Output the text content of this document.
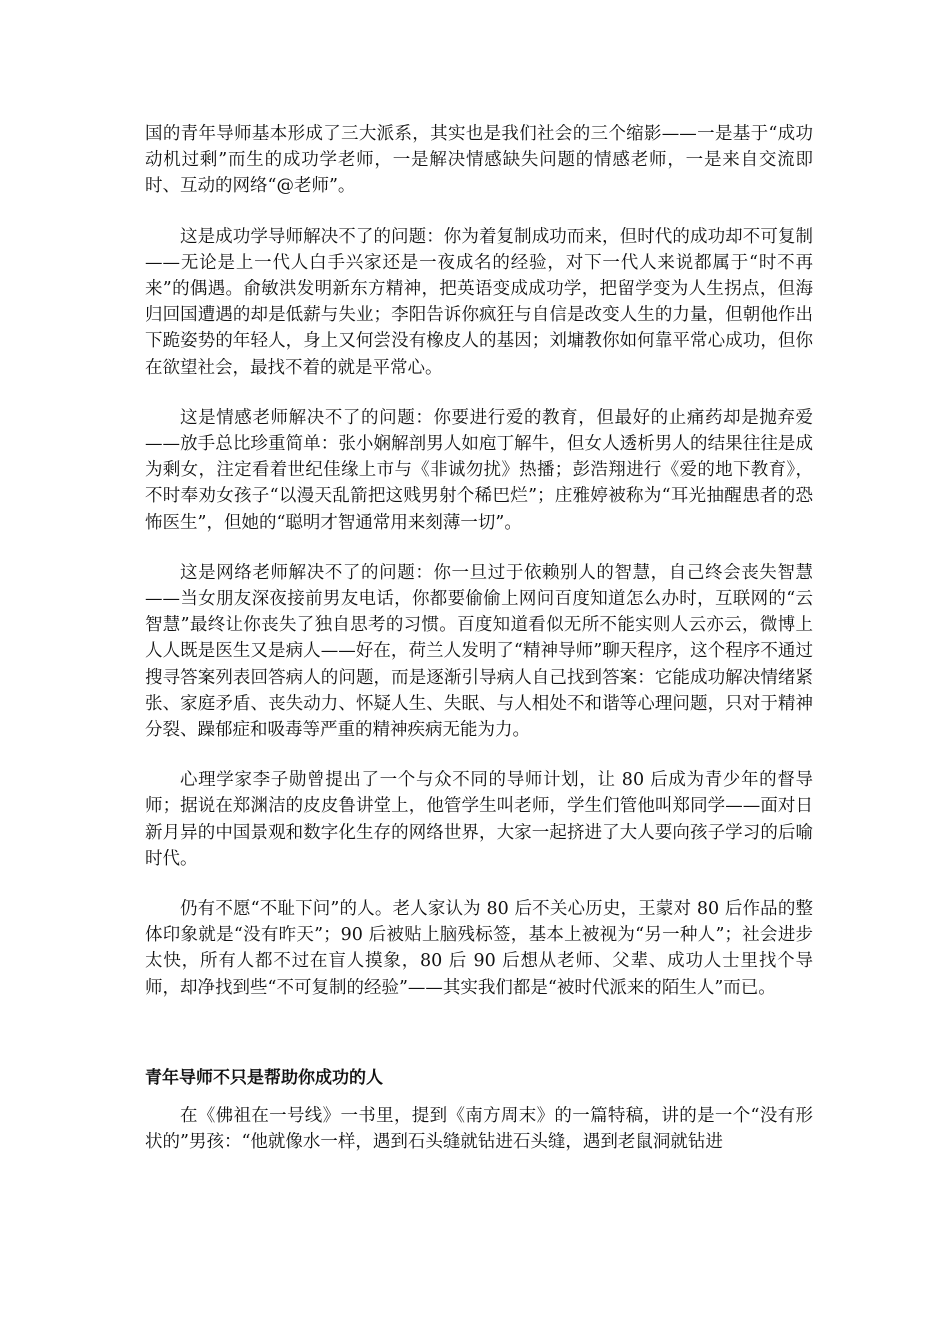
国的青年导师基本形成了三大派系，其实也是我们社会的三个缩影——一是基于“成功动机过剩”而生的成功学老师，一是解决情感缺失问题的情感老师，一是来自交流即时、互动的网络“@老师”。

这是成功学导师解决不了的问题：你为着复制成功而来，但时代的成功却不可复制——无论是上一代人白手兴家还是一夜成名的经验，对下一代人来说都属于“时不再来”的偶遇。俞敏洪发明新东方精神，把英语变成成功学，把留学变为人生拐点，但海归回国遭遇的却是低薪与失业；李阳告诉你疯狂与自信是改变人生的力量，但朝他作出下跪姿势的年轻人，身上又何尝没有橡皮人的基因；刘墉教你如何靠平常心成功，但你在欲望社会，最找不着的就是平常心。

这是情感老师解决不了的问题：你要进行爱的教育，但最好的止痛药却是抛弃爱——放手总比珍重简单：张小娴解剖男人如庖丁解牛，但女人透析男人的结果往往是成为剩女，注定看着世纪佳缘上市与《非诚勿扰》热播；彭浩翔进行《爱的地下教育》，不时奉劝女孩子“以漫天乱箭把这贱男射个稀巴烂”；庄雅婷被称为“耳光抽醒患者的恐怖医生”，但她的“聪明才智通常用来刻薄一切”。

这是网络老师解决不了的问题：你一旦过于依赖别人的智慧，自己终会丧失智慧——当女朋友深夜接前男友电话，你都要偷偷上网问百度知道怎么办时，互联网的“云智慧”最终让你丧失了独自思考的习惯。百度知道看似无所不能实则人云亦云，微博上人人既是医生又是病人——好在，荷兰人发明了“精神导师”聊天程序，这个程序不通过搜寻答案列表回答病人的问题，而是逐渐引导病人自己找到答案：它能成功解决情绪紧张、家庭矛盾、丧失动力、怀疑人生、失眠、与人相处不和谐等心理问题，只对于精神分裂、躁郁症和吸毒等严重的精神疾病无能为力。

心理学家李子勋曾提出了一个与众不同的导师计划，让 80 后成为青少年的督导师；据说在郑渊洁的皮皮鲁讲堂上，他管学生叫老师，学生们管他叫郑同学——面对日新月异的中国景观和数字化生存的网络世界，大家一起挤进了大人要向孩子学习的后喻时代。

仍有不愿“不耻下问”的人。老人家认为 80 后不关心历史，王蒙对 80 后作品的整体印象就是“没有昨天”；90 后被贴上脑残标签，基本上被视为“另一种人”；社会进步太快，所有人都不过在盲人摸象，80 后 90 后想从老师、父辈、成功人士里找个导师，却净找到些“不可复制的经验”——其实我们都是“被时代派来的陌生人”而已。

青年导师不只是帮助你成功的人

在《佛祖在一号线》一书里，提到《南方周末》的一篇特稿，讲的是一个“没有形状的”男孩：“他就像水一样，遇到石头缝就钻进石头缝，遇到老鼠洞就钻进
